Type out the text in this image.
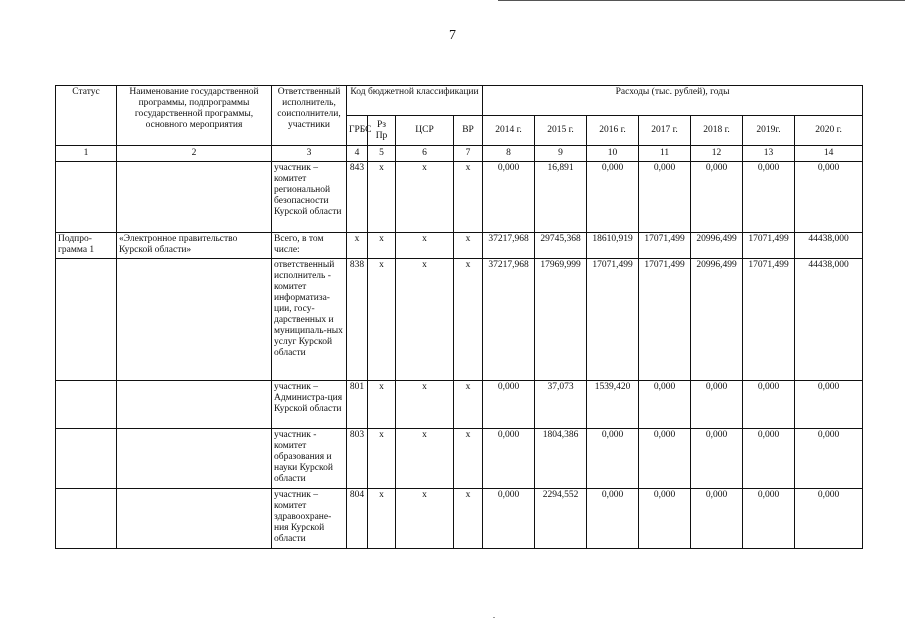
7
Статус	Наименование государственной программы, подпрограммы государственной программы, основного мероприятия	Ответственный исполнитель, соисполнители, участники	Код бюджетной классификации				Расходы (тыс. рублей), годы						
			ГРБС	Рз Пр	ЦСР	ВР	2014 г.	2015 г.	2016 г.	2017 г.	2018 г.	2019г.	2020 г.
1	2	3	4	5	6	7	8	9	10	11	12	13	14
		участник – комитет региональной безопасности Курской области	843	х	х	х	0,000	16,891	0,000	0,000	0,000	0,000	0,000
Подпро-грамма 1	«Электронное правительство Курской области»	Всего, в том числе:	х	х	х	х	37217,968	29745,368	18610,919	17071,499	20996,499	17071,499	44438,000
		ответственный исполнитель - комитет информатиза-ции, госу-дарственных и муниципаль-ных услуг Курской области	838	х	х	х	37217,968	17969,999	17071,499	17071,499	20996,499	17071,499	44438,000
		участник – Администра-ция Курской области	801	х	х	х	0,000	37,073	1539,420	0,000	0,000	0,000	0,000
		участник - комитет образования и науки Курской области	803	х	х	х	0,000	1804,386	0,000	0,000	0,000	0,000	0,000
		участник – комитет здравоохране-ния Курской области	804	х	х	х	0,000	2294,552	0,000	0,000	0,000	0,000	0,000
